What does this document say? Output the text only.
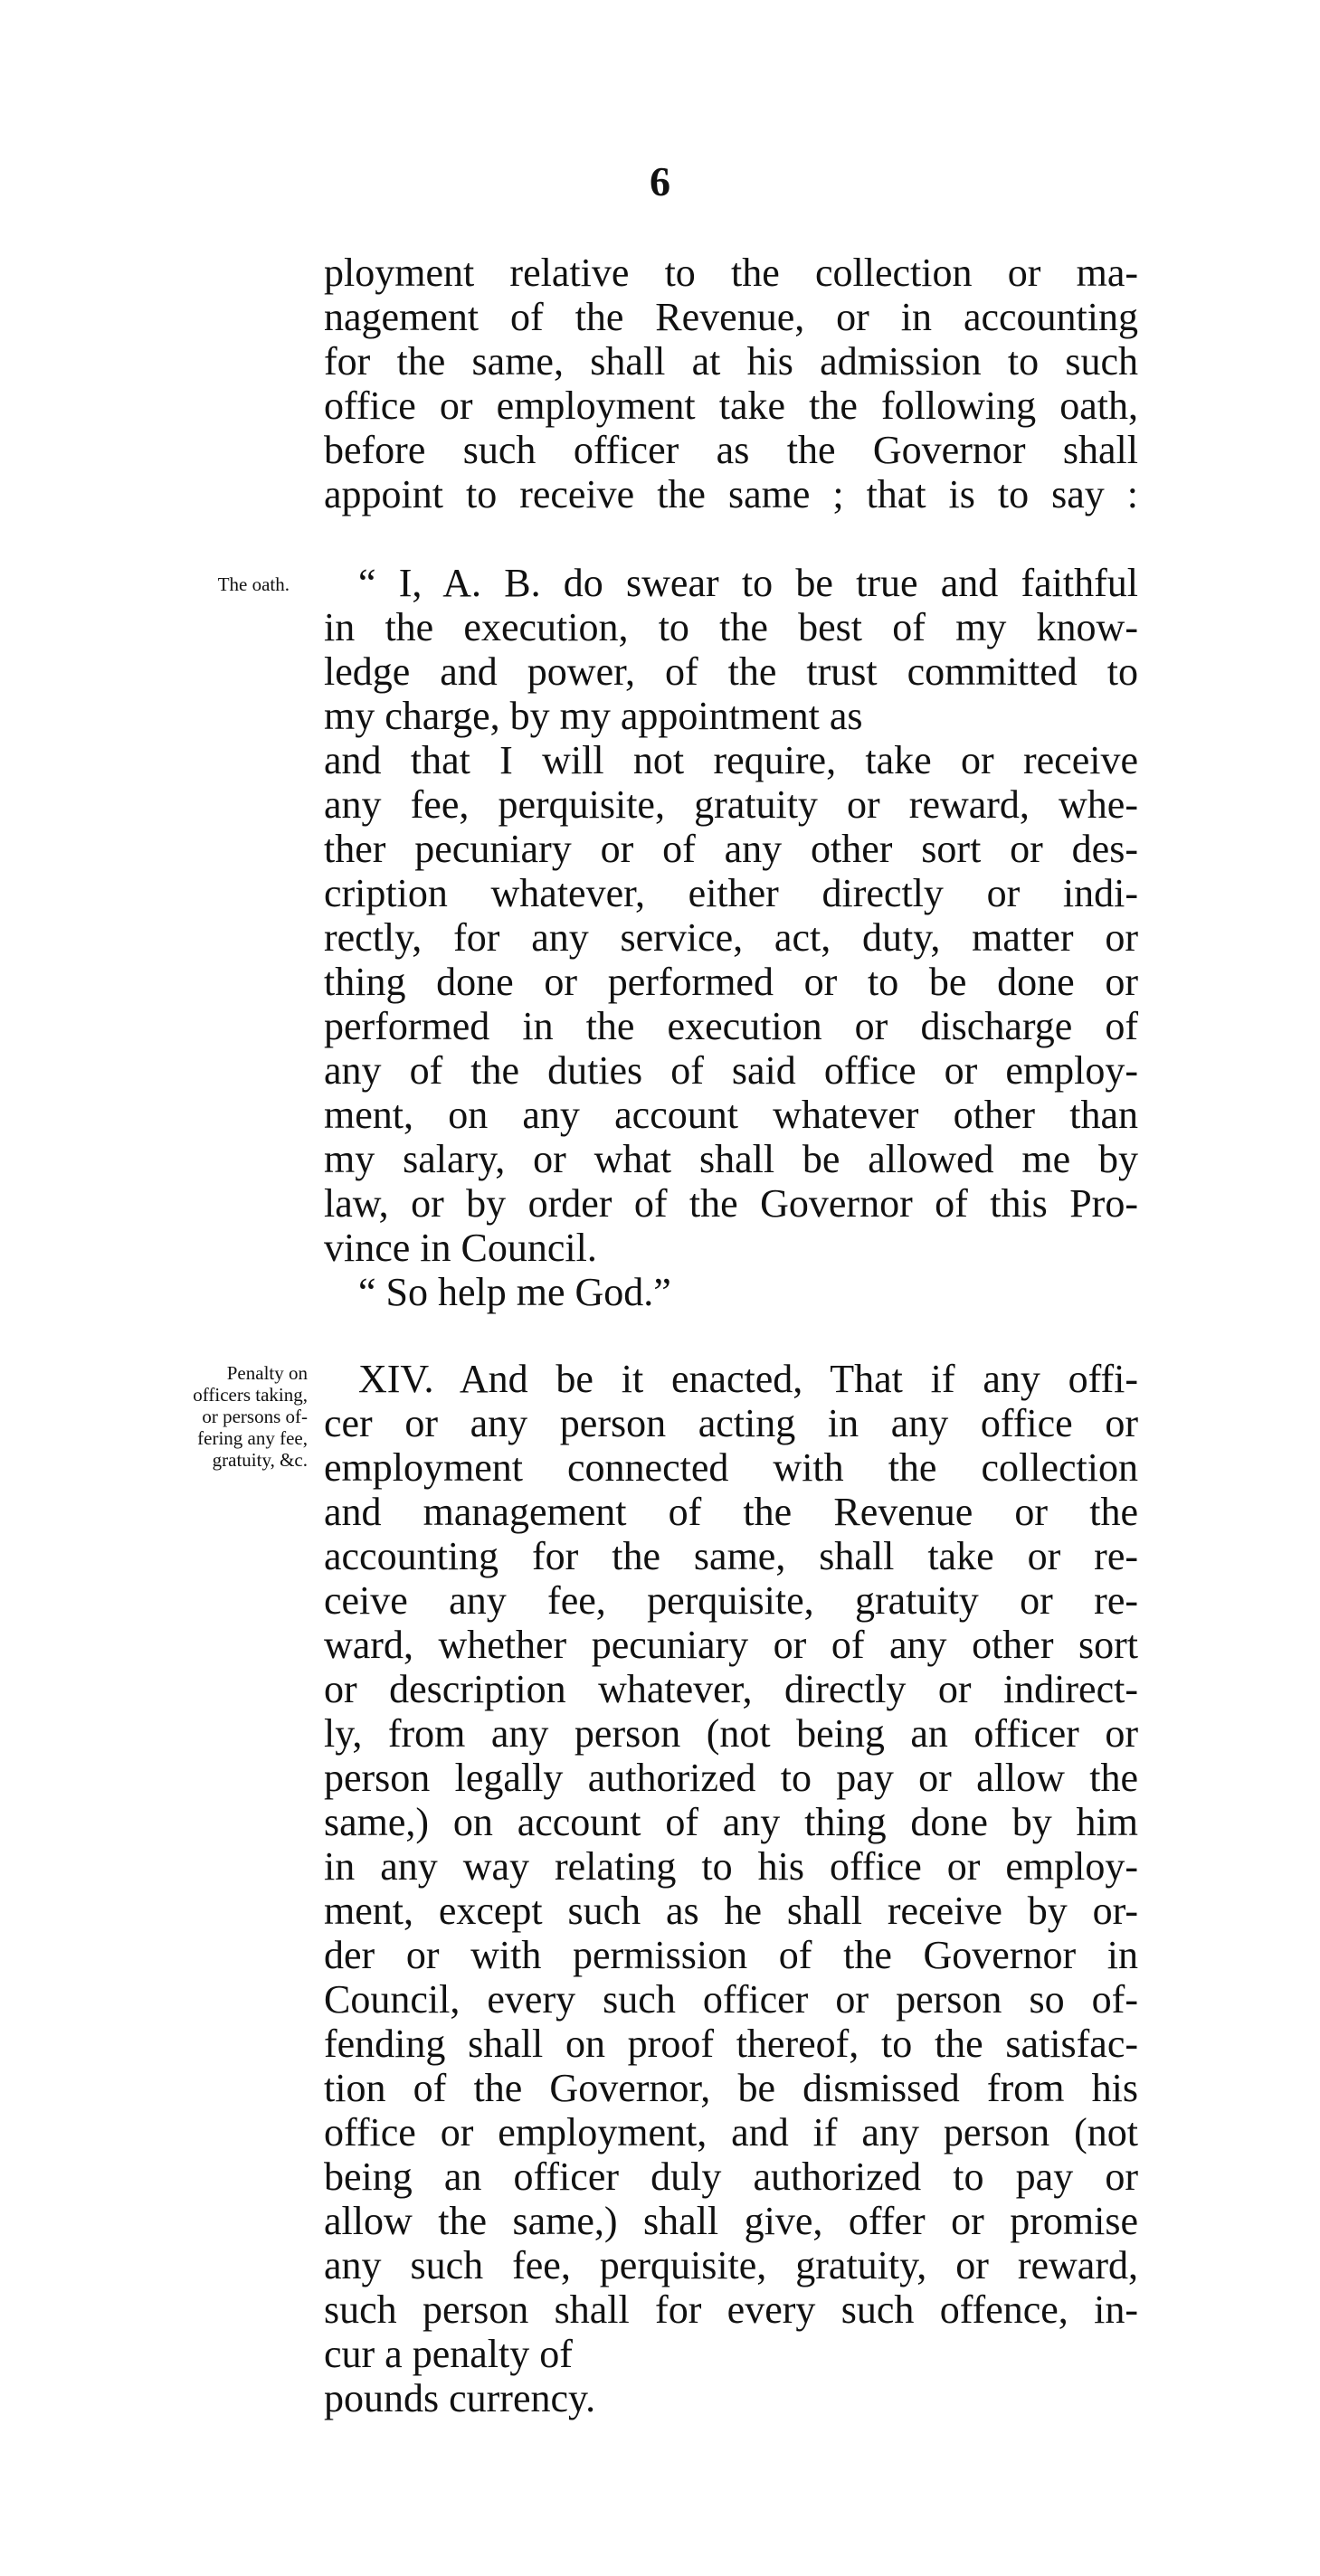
6
ployment relative to the collection or ma-
nagement of the Revenue, or in accounting
for the same, shall at his admission to such
office or employment take the following oath,
before such officer as the Governor shall
appoint to receive the same ; that is to say :
The oath.	“ I, A. B. do swear to be true and faithful
in the execution, to the best of my know-
ledge and power, of the trust committed to
my charge, by my appointment as
and that I will not require, take or receive
any fee, perquisite, gratuity or reward, whe-
ther pecuniary or of any other sort or des-
cription whatever, either directly or indi-
rectly, for any service, act, duty, matter or
thing done or performed or to be done or
performed in the execution or discharge of
any of the duties of said office or employ-
ment, on any account whatever other than
my salary, or what shall be allowed me by
law, or by order of the Governor of this Pro-
vince in Council.
“ So help me God.”
Penalty on
officers taking,
or persons of-
fering any fee,
gratuity, &c.
XIV. And be it enacted, That if any offi-
cer or any person acting in any office or
employment connected with the collection
and management of the Revenue or the
accounting for the same, shall take or re-
ceive any fee, perquisite, gratuity or re-
ward, whether pecuniary or of any other sort
or description whatever, directly or indirect-
ly, from any person (not being an officer or
person legally authorized to pay or allow the
same,) on account of any thing done by him
in any way relating to his office or employ-
ment, except such as he shall receive by or-
der or with permission of the Governor in
Council, every such officer or person so of-
fending shall on proof thereof, to the satisfac-
tion of the Governor, be dismissed from his
office or employment, and if any person (not
being an officer duly authorized to pay or
allow the same,) shall give, offer or promise
any such fee, perquisite, gratuity, or reward,
such person shall for every such offence, in-
cur a penalty of
pounds currency.
